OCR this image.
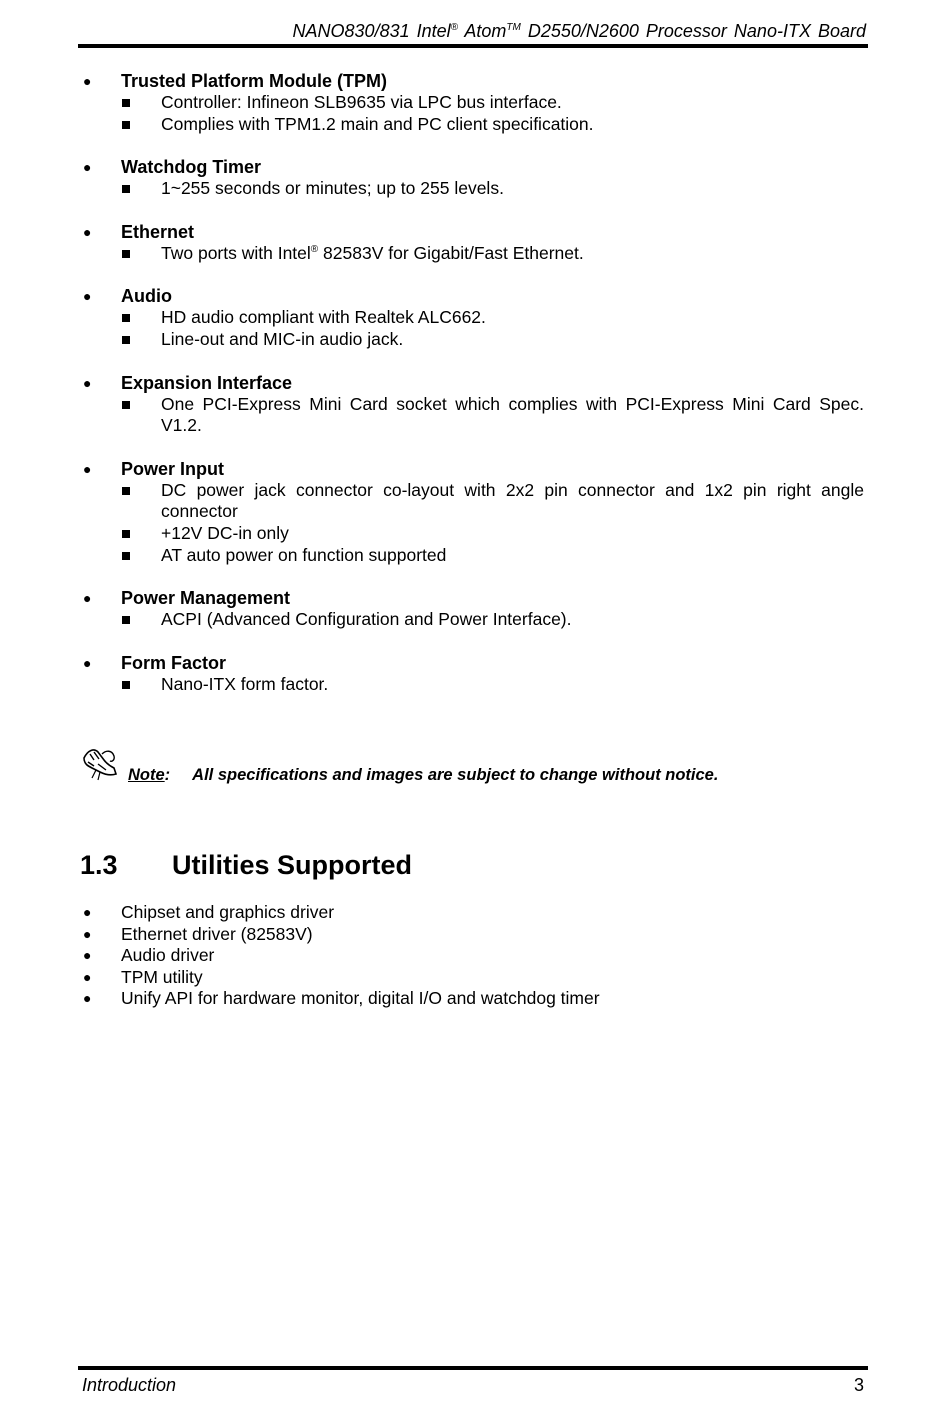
NANO830/831 Intel® Atom™ D2550/N2600 Processor Nano-ITX Board
● Trusted Platform Module (TPM)
Controller: Infineon SLB9635 via LPC bus interface.
Complies with TPM1.2 main and PC client specification.
● Watchdog Timer
1~255 seconds or minutes; up to 255 levels.
● Ethernet
Two ports with Intel® 82583V for Gigabit/Fast Ethernet.
● Audio
HD audio compliant with Realtek ALC662.
Line-out and MIC-in audio jack.
● Expansion Interface
One PCI-Express Mini Card socket which complies with PCI-Express Mini Card Spec. V1.2.
● Power Input
DC power jack connector co-layout with 2x2 pin connector and 1x2 pin right angle connector
+12V DC-in only
AT auto power on function supported
● Power Management
ACPI (Advanced Configuration and Power Interface).
● Form Factor
Nano-ITX form factor.
Note: All specifications and images are subject to change without notice.
1.3 Utilities Supported
● Chipset and graphics driver
● Ethernet driver (82583V)
● Audio driver
● TPM utility
● Unify API for hardware monitor, digital I/O and watchdog timer
Introduction	3
